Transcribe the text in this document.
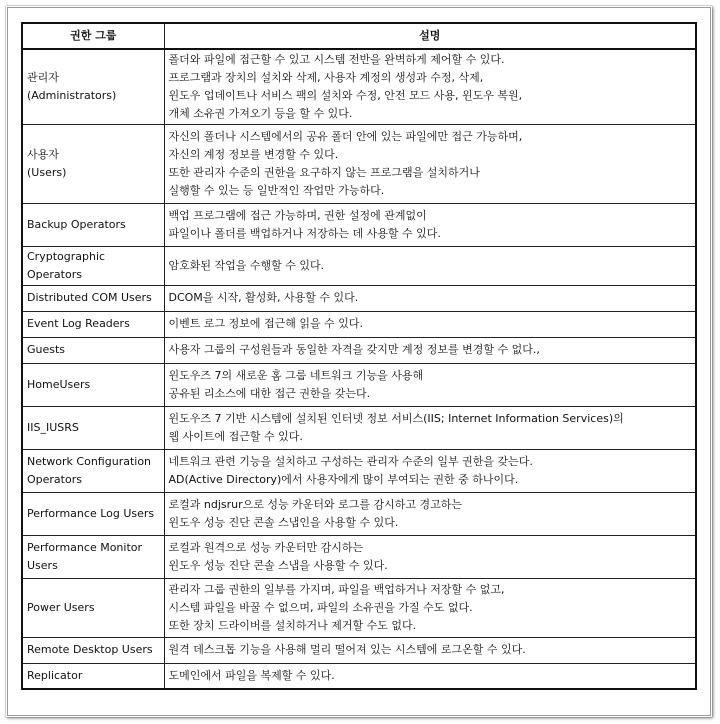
권한 그룹	설명
관리자
(Administrators)	폴더와 파일에 접근할 수 있고 시스템 전반을 완벽하게 제어할 수 있다.
프로그램과 장치의 설치와 삭제, 사용자 계정의 생성과 수정, 삭제,
윈도우 업데이트나 서비스 팩의 설치와 수정, 안전 모드 사용, 윈도우 복원,
개체 소유권 가져오기 등을 할 수 있다.
사용자
(Users)	자신의 폴더나 시스템에서의 공유 폴더 안에 있는 파일에만 접근 가능하며,
자신의 계정 정보를 변경할 수 있다.
또한 관리자 수준의 권한을 요구하지 않는 프로그램을 설치하거나
실행할 수 있는 등 일반적인 작업만 가능하다.
Backup Operators	백업 프로그램에 접근 가능하며, 권한 설정에 관계없이
파일이나 폴더를 백업하거나 저장하는 데 사용할 수 있다.
Cryptographic
Operators	암호화된 작업을 수행할 수 있다.
Distributed COM Users	DCOM을 시작, 활성화, 사용할 수 있다.
Event Log Readers	이벤트 로그 정보에 접근해 읽을 수 있다.
Guests	사용자 그룹의 구성원들과 동일한 자격을 갖지만 계정 정보를 변경할 수 없다.,
HomeUsers	윈도우즈 7의 새로운 홈 그룹 네트워크 기능을 사용해
공유된 리소스에 대한 접근 권한을 갖는다.
IIS_IUSRS	윈도우즈 7 기반 시스템에 설치된 인터넷 정보 서비스(IIS; Internet Information Services)의
웹 사이트에 접근할 수 있다.
Network Configuration
Operators	네트워크 관련 기능을 설치하고 구성하는 관리자 수준의 일부 권한을 갖는다.
AD(Active Directory)에서 사용자에게 많이 부여되는 권한 중 하나이다.
Performance Log Users	로컬과 ndjsrur으로 성능 카운터와 로그를 감시하고 경고하는
윈도우 성능 진단 콘솔 스냅인을 사용할 수 있다.
Performance Monitor
Users	로컬과 원격으로 성능 카운터만 감시하는
윈도우 성능 진단 콘솔 스냅을 사용할 수 있다.
Power Users	관리자 그룹 권한의 일부를 가지며, 파일을 백업하거나 저장할 수 없고,
시스템 파일을 바꿀 수 없으며, 파일의 소유권을 가질 수도 없다.
또한 장치 드라이버를 설치하거나 제거할 수도 없다.
Remote Desktop Users	원격 데스크톱 기능을 사용해 멀리 떨어져 있는 시스템에 로그온할 수 있다.
Replicator	도메인에서 파일을 복제할 수 있다.
